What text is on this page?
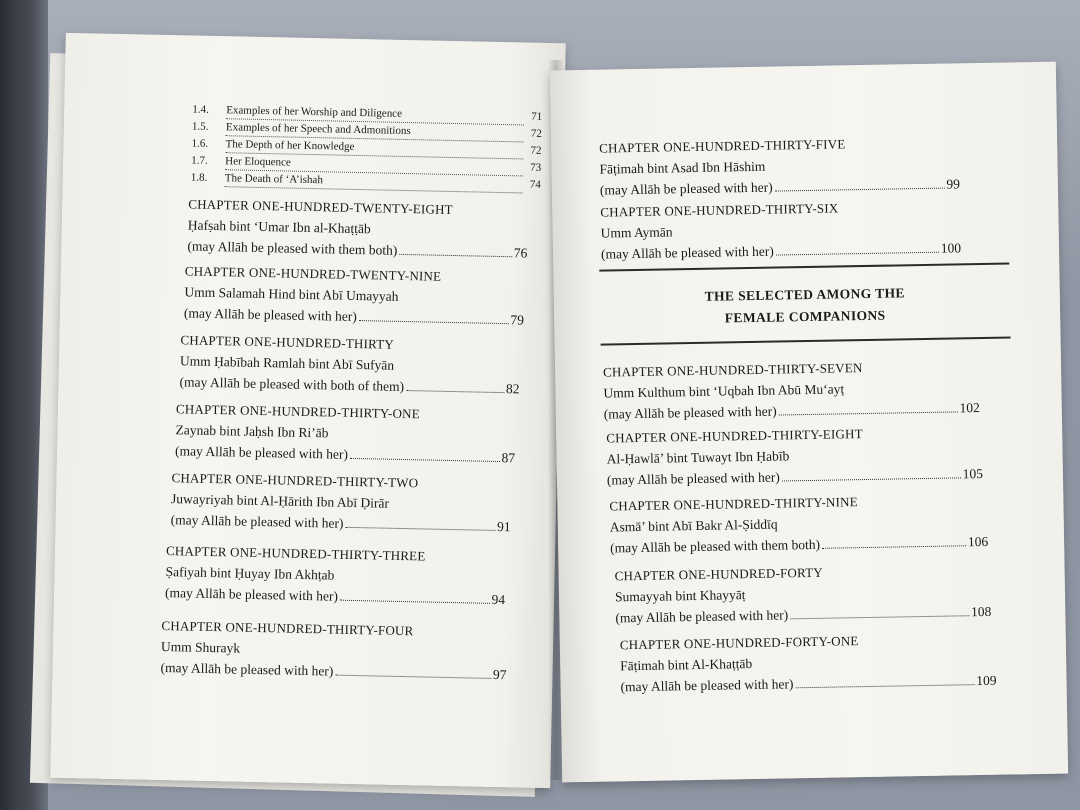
1.4.	Examples of her Worship and Diligence	71
1.5.	Examples of her Speech and Admonitions	72
1.6.	The Depth of her Knowledge	72
1.7.	Her Eloquence	73
1.8.	The Death of ‘A’ishah	74
CHAPTER ONE-HUNDRED-TWENTY-EIGHT
Ḥafṣah bint ‘Umar Ibn al-Khaṭṭāb
(may Allāh be pleased with them both)	76
CHAPTER ONE-HUNDRED-TWENTY-NINE
Umm Salamah Hind bint Abī Umayyah
(may Allāh be pleased with her)	79
CHAPTER ONE-HUNDRED-THIRTY
Umm Ḥabībah Ramlah bint Abī Sufyān
(may Allāh be pleased with both of them)	82
CHAPTER ONE-HUNDRED-THIRTY-ONE
Zaynab bint Jaḥsh Ibn Ri’āb
(may Allāh be pleased with her)	87
CHAPTER ONE-HUNDRED-THIRTY-TWO
Juwayriyah bint Al-Ḥārith Ibn Abī Ḍirār
(may Allāh be pleased with her)	91
CHAPTER ONE-HUNDRED-THIRTY-THREE
Ṣafiyah bint Ḥuyay Ibn Akhṭab
(may Allāh be pleased with her)	94
CHAPTER ONE-HUNDRED-THIRTY-FOUR
Umm Shurayk
(may Allāh be pleased with her)	97
CHAPTER ONE-HUNDRED-THIRTY-FIVE
Fāṭimah bint Asad Ibn Hāshim
(may Allāh be pleased with her)	99
CHAPTER ONE-HUNDRED-THIRTY-SIX
Umm Aymān
(may Allāh be pleased with her)	100
THE SELECTED AMONG THE
FEMALE COMPANIONS
CHAPTER ONE-HUNDRED-THIRTY-SEVEN
Umm Kulthum bint ‘Uqbah Ibn Abū Mu‘ayṭ
(may Allāh be pleased with her)	102
CHAPTER ONE-HUNDRED-THIRTY-EIGHT
Al-Ḥawlā’ bint Tuwayt Ibn Ḥabīb
(may Allāh be pleased with her)	105
CHAPTER ONE-HUNDRED-THIRTY-NINE
Asmā’ bint Abī Bakr Al-Ṣiddīq
(may Allāh be pleased with them both)	106
CHAPTER ONE-HUNDRED-FORTY
Sumayyah bint Khayyāṭ
(may Allāh be pleased with her)	108
CHAPTER ONE-HUNDRED-FORTY-ONE
Fāṭimah bint Al-Khaṭṭāb
(may Allāh be pleased with her)	109
